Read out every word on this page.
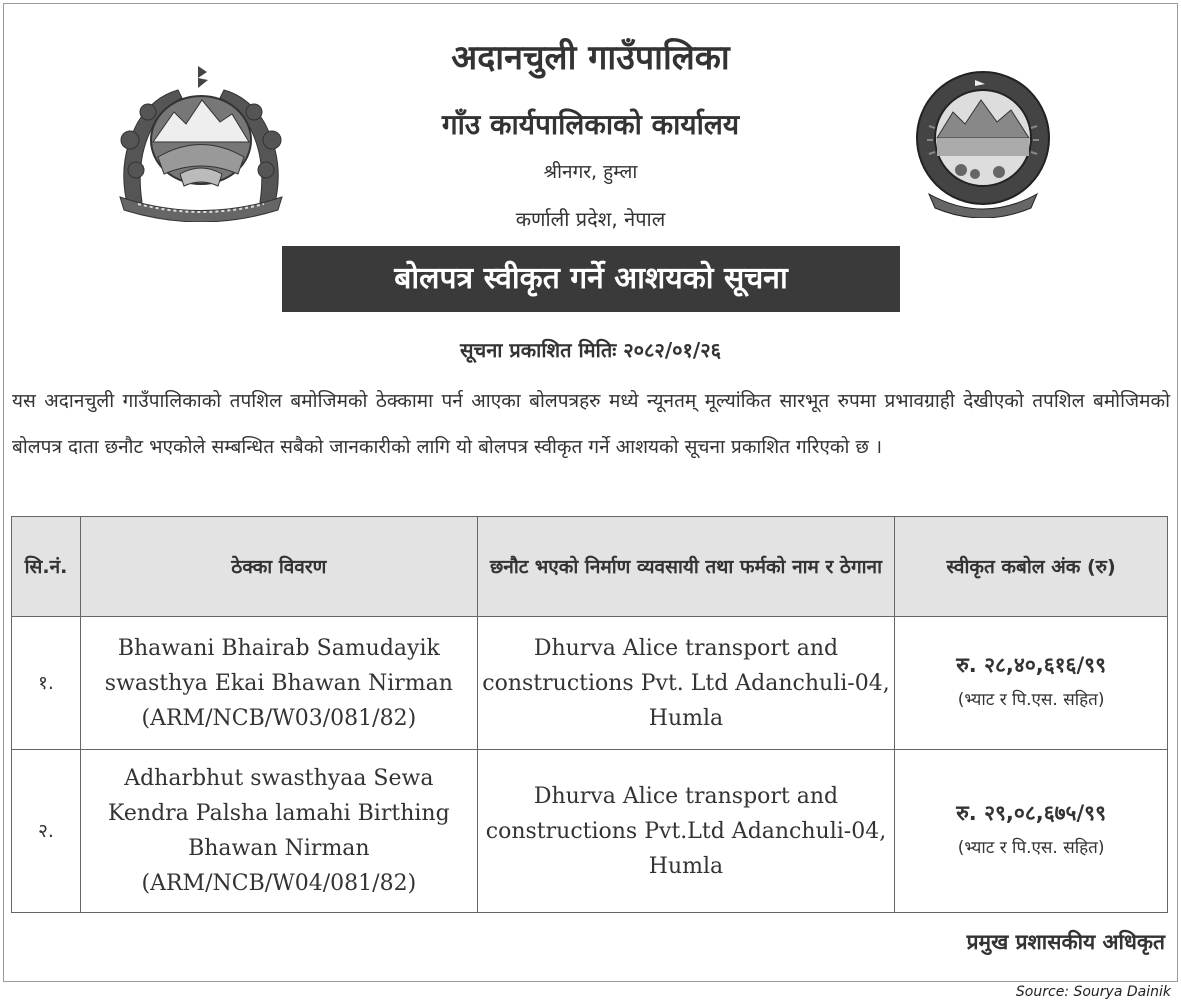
अदानचुली गाउँपालिका
गाँउ कार्यपालिकाको कार्यालय
श्रीनगर, हुम्ला
कर्णाली प्रदेश, नेपाल
बोलपत्र स्वीकृत गर्ने आशयको सूचना
सूचना प्रकाशित मितिः २०८२/०१/२६
यस अदानचुली गाउँपालिकाको तपशिल बमोजिमको ठेक्कामा पर्न आएका बोलपत्रहरु मध्ये न्यूनतम् मूल्यांकित सारभूत रुपमा प्रभावग्राही देखीएको तपशिल बमोजिमको बोलपत्र दाता छनौट भएकोले सम्बन्धित सबैको जानकारीको लागि यो बोलपत्र स्वीकृत गर्ने आशयको सूचना प्रकाशित गरिएको छ ।
सि.नं.	ठेक्का विवरण	छनौट भएको निर्माण व्यवसायी तथा फर्मको नाम र ठेगाना	स्वीकृत कबोल अंक (रु)
१.	Bhawani Bhairab Samudayik swasthya Ekai Bhawan Nirman (ARM/NCB/W03/081/82)	Dhurva Alice transport and constructions Pvt. Ltd Adanchuli-04, Humla	रु. २८,४०,६१६/९९
(भ्याट र पि.एस. सहित)

२.	Adharbhut swasthyaa Sewa Kendra Palsha lamahi Birthing Bhawan Nirman (ARM/NCB/W04/081/82)	Dhurva Alice transport and constructions Pvt.Ltd Adanchuli-04, Humla	रु. २९,०८,६७५/९९
(भ्याट र पि.एस. सहित)
प्रमुख प्रशासकीय अधिकृत
Source: Sourya Dainik
